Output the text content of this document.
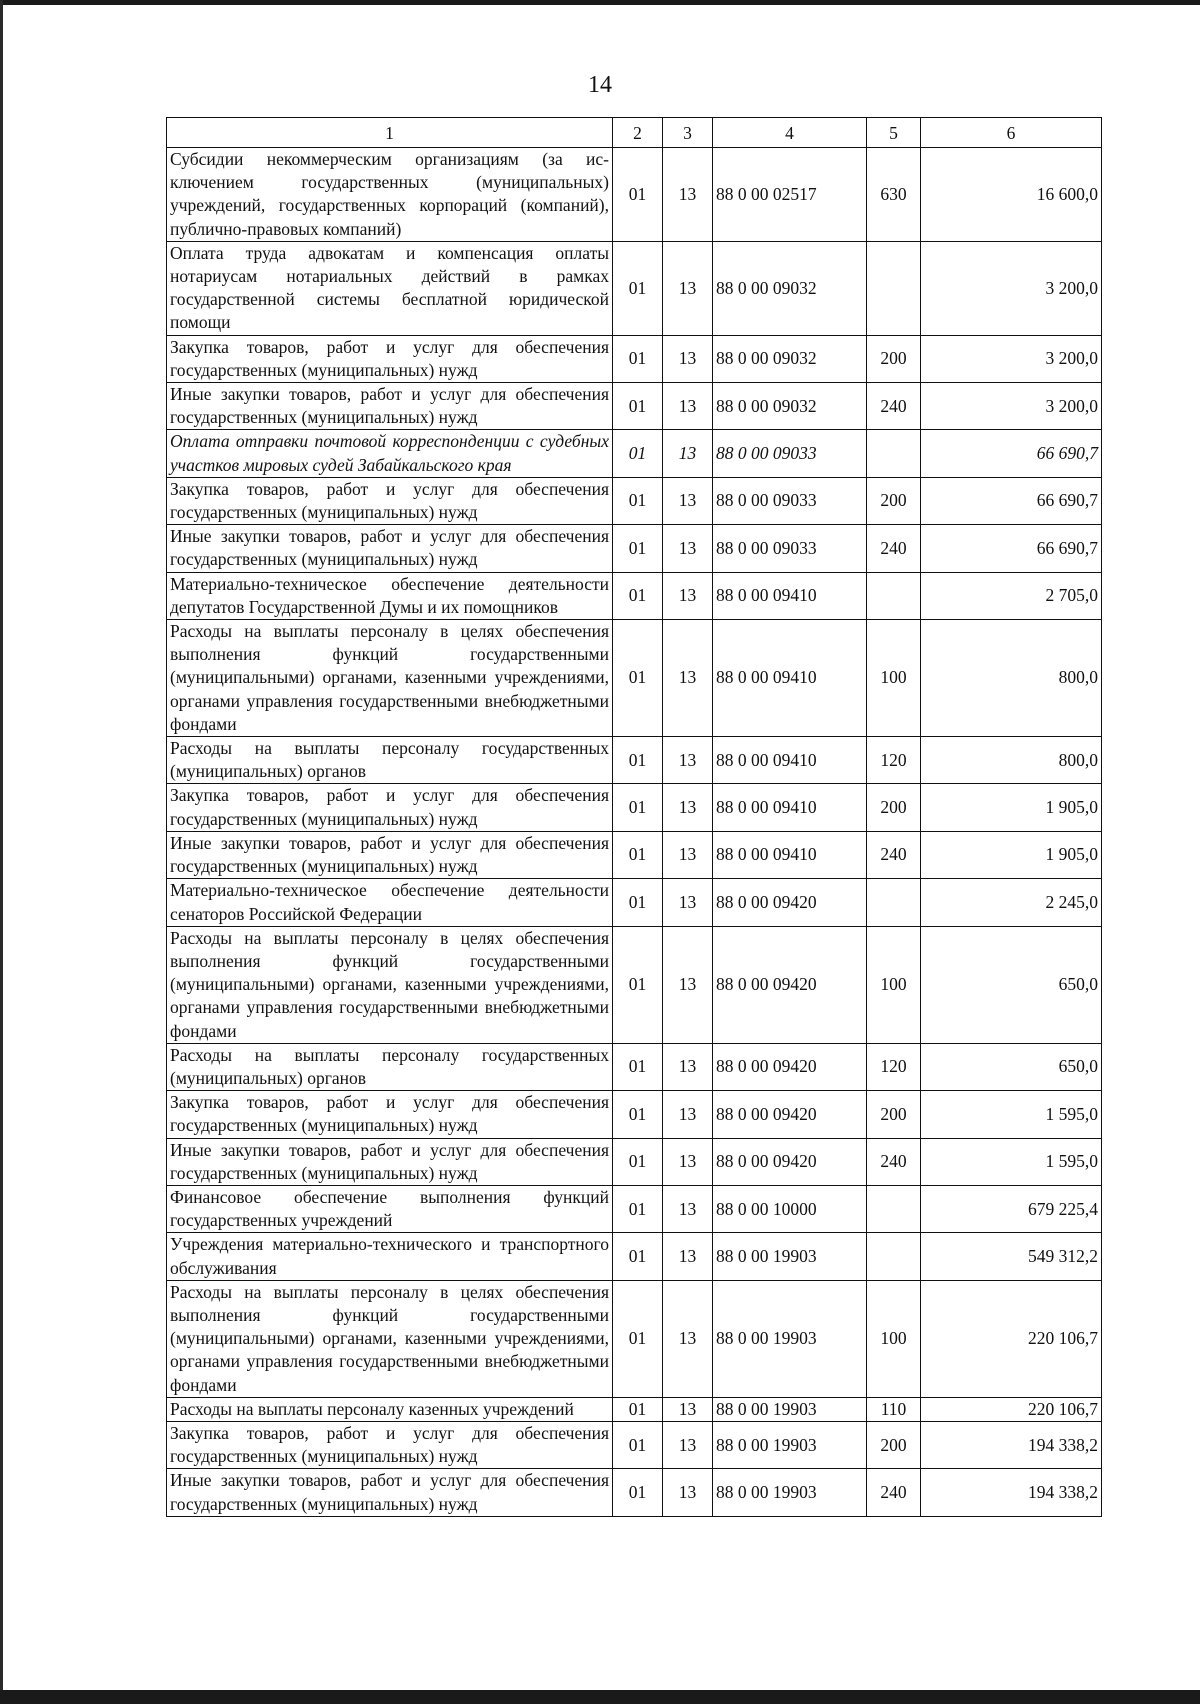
14
1	2	3	4	5	6
Субсидии некоммерческим организациям (за исключением государственных (муниципальных) учреждений, государственных корпораций (компаний), публично-правовых компаний)	01	13	88 0 00 02517	630	16 600,0
Оплата труда адвокатам и компенсация оплаты нотариусам нотариальных действий в рамках государственной системы бесплатной юридической помощи	01	13	88 0 00 09032		3 200,0
Закупка товаров, работ и услуг для обеспечения государственных (муниципальных) нужд	01	13	88 0 00 09032	200	3 200,0
Иные закупки товаров, работ и услуг для обеспечения государственных (муниципальных) нужд	01	13	88 0 00 09032	240	3 200,0
Оплата отправки почтовой корреспонденции с судебных участков мировых судей Забайкальского края	01	13	88 0 00 09033		66 690,7
Закупка товаров, работ и услуг для обеспечения государственных (муниципальных) нужд	01	13	88 0 00 09033	200	66 690,7
Иные закупки товаров, работ и услуг для обеспечения государственных (муниципальных) нужд	01	13	88 0 00 09033	240	66 690,7
Материально-техническое обеспечение деятельности депутатов Государственной Думы и их помощников	01	13	88 0 00 09410		2 705,0
Расходы на выплаты персоналу в целях обеспечения выполнения функций государственными (муниципальными) органами, казенными учреждениями, органами управления государственными внебюджетными фондами	01	13	88 0 00 09410	100	800,0
Расходы на выплаты персоналу государственных (муниципальных) органов	01	13	88 0 00 09410	120	800,0
Закупка товаров, работ и услуг для обеспечения государственных (муниципальных) нужд	01	13	88 0 00 09410	200	1 905,0
Иные закупки товаров, работ и услуг для обеспечения государственных (муниципальных) нужд	01	13	88 0 00 09410	240	1 905,0
Материально-техническое обеспечение деятельности сенаторов Российской Федерации	01	13	88 0 00 09420		2 245,0
Расходы на выплаты персоналу в целях обеспечения выполнения функций государственными (муниципальными) органами, казенными учреждениями, органами управления государственными внебюджетными фондами	01	13	88 0 00 09420	100	650,0
Расходы на выплаты персоналу государственных (муниципальных) органов	01	13	88 0 00 09420	120	650,0
Закупка товаров, работ и услуг для обеспечения государственных (муниципальных) нужд	01	13	88 0 00 09420	200	1 595,0
Иные закупки товаров, работ и услуг для обеспечения государственных (муниципальных) нужд	01	13	88 0 00 09420	240	1 595,0
Финансовое обеспечение выполнения функций государственных учреждений	01	13	88 0 00 10000		679 225,4
Учреждения материально-технического и транспортного обслуживания	01	13	88 0 00 19903		549 312,2
Расходы на выплаты персоналу в целях обеспечения выполнения функций государственными (муниципальными) органами, казенными учреждениями, органами управления государственными внебюджетными фондами	01	13	88 0 00 19903	100	220 106,7
Расходы на выплаты персоналу казенных учреждений	01	13	88 0 00 19903	110	220 106,7
Закупка товаров, работ и услуг для обеспечения государственных (муниципальных) нужд	01	13	88 0 00 19903	200	194 338,2
Иные закупки товаров, работ и услуг для обеспечения государственных (муниципальных) нужд	01	13	88 0 00 19903	240	194 338,2
